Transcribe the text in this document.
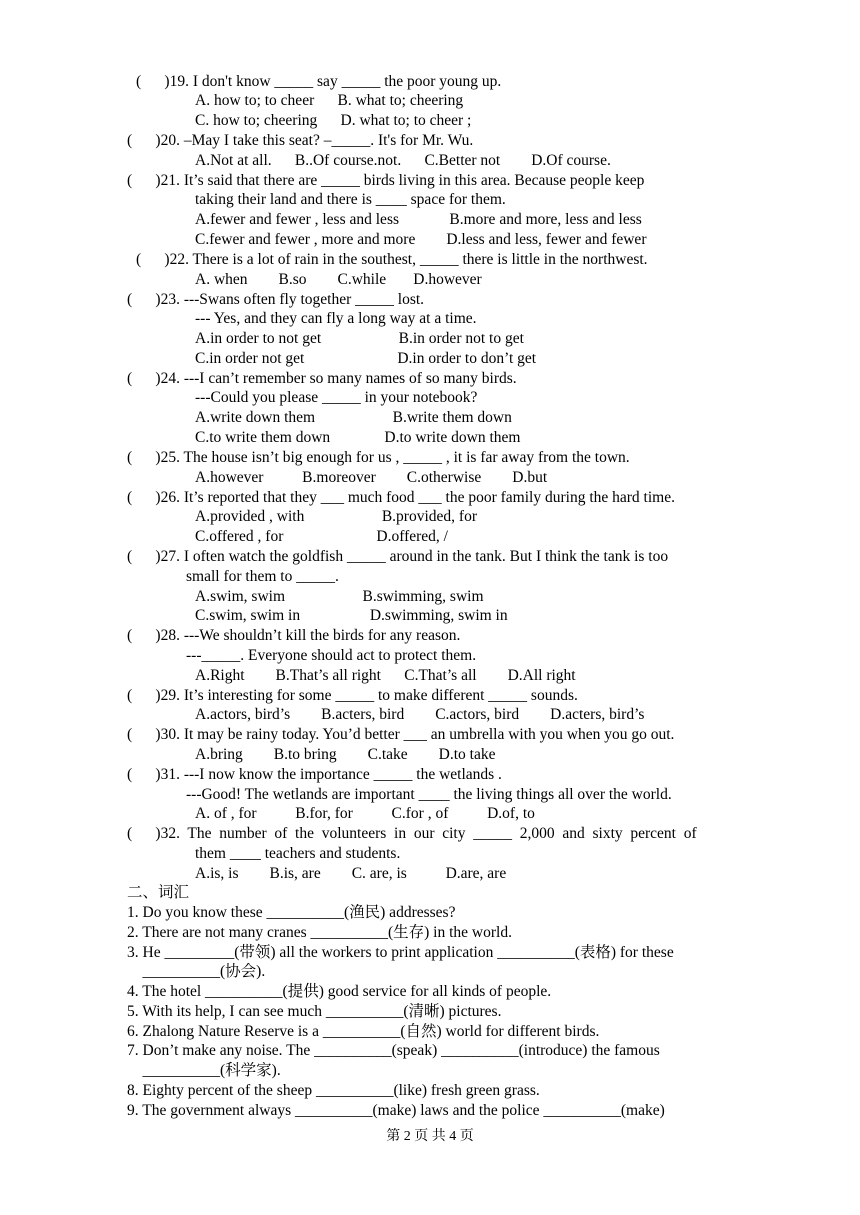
(      )19. I don't know _____ say _____ the poor young up.
A. how to; to cheer      B. what to; cheering
C. how to; cheering      D. what to; to cheer ;
(      )20. –May I take this seat? –_____. It's for Mr. Wu.
A.Not at all.      B..Of course.not.      C.Better not        D.Of course.
(      )21. It’s said that there are _____ birds living in this area. Because people keep
taking their land and there is ____ space for them.
A.fewer and fewer , less and less             B.more and more, less and less
C.fewer and fewer , more and more        D.less and less, fewer and fewer
(      )22. There is a lot of rain in the southest, _____ there is little in the northwest.
A. when        B.so        C.while       D.however
(      )23. ---Swans often fly together _____ lost.
--- Yes, and they can fly a long way at a time.
A.in order to not get                    B.in order not to get
C.in order not get                        D.in order to don’t get
(      )24. ---I can’t remember so many names of so many birds.
---Could you please _____ in your notebook?
A.write down them                    B.write them down
C.to write them down              D.to write down them
(      )25. The house isn’t big enough for us , _____ , it is far away from the town.
A.however          B.moreover        C.otherwise        D.but
(      )26. It’s reported that they ___ much food ___ the poor family during the hard time.
A.provided , with                    B.provided, for
C.offered , for                        D.offered, /
(      )27. I often watch the goldfish _____ around in the tank. But I think the tank is too
small for them to _____.
A.swim, swim                    B.swimming, swim
C.swim, swim in                  D.swimming, swim in
(      )28. ---We shouldn’t kill the birds for any reason.
---_____. Everyone should act to protect them.
A.Right        B.That’s all right      C.That’s all        D.All right
(      )29. It’s interesting for some _____ to make different _____ sounds.
A.actors, bird’s        B.acters, bird        C.actors, bird        D.acters, bird’s
(      )30. It may be rainy today. You’d better ___ an umbrella with you when you go out.
A.bring        B.to bring        C.take        D.to take
(      )31. ---I now know the importance _____ the wetlands .
---Good! The wetlands are important ____ the living things all over the world.
A. of , for          B.for, for          C.for , of          D.of, to
(      )32.  The  number  of  the  volunteers  in  our  city  _____  2,000  and  sixty  percent  of
them ____ teachers and students.
A.is, is        B.is, are        C. are, is          D.are, are
二、词汇
1. Do you know these __________(渔民) addresses?
2. There are not many cranes __________(生存) in the world.
3. He _________(带领) all the workers to print application __________(表格) for these
__________(协会).
4. The hotel __________(提供) good service for all kinds of people.
5. With its help, I can see much __________(清晰) pictures.
6. Zhalong Nature Reserve is a __________(自然) world for different birds.
7. Don’t make any noise. The __________(speak) __________(introduce) the famous
__________(科学家).
8. Eighty percent of the sheep __________(like) fresh green grass.
9. The government always __________(make) laws and the police __________(make)
第 2 页 共 4 页
